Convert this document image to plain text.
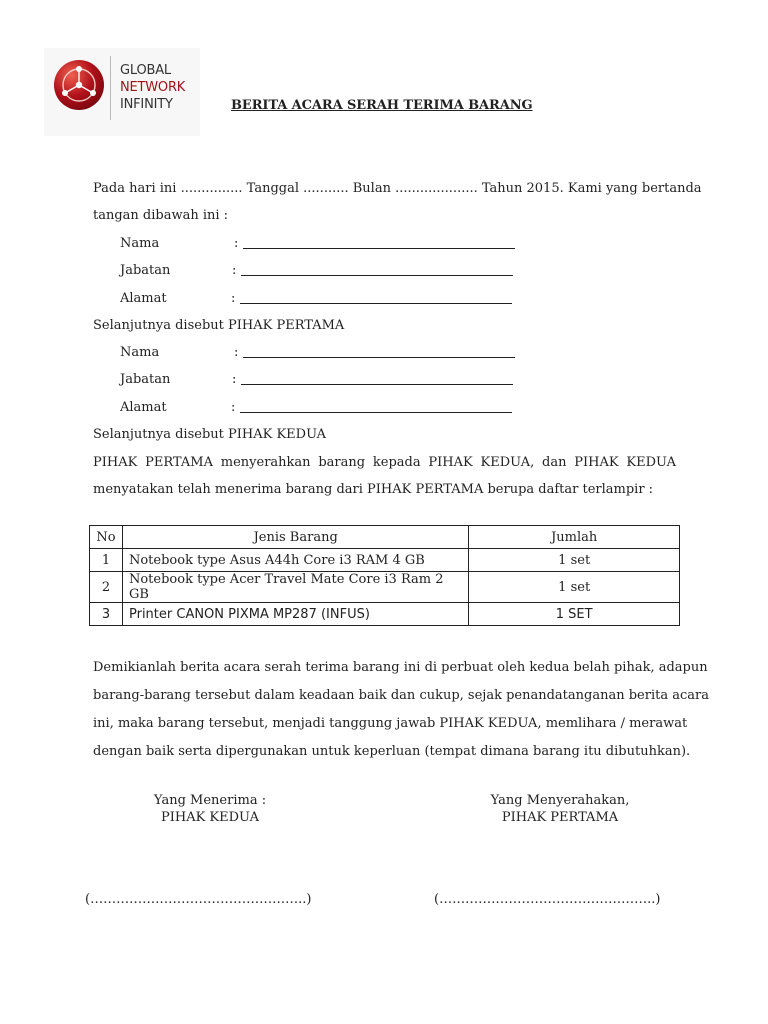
GLOBAL
NETWORK
INFINITY	BERITA ACARA SERAH TERIMA BARANG
Pada hari ini ............... Tanggal ........... Bulan .................... Tahun 2015. Kami yang bertanda
tangan dibawah ini :
Nama	:
Jabatan	:
Alamat	:
Selanjutnya disebut PIHAK PERTAMA
Nama	:
Jabatan	:
Alamat	:
Selanjutnya disebut PIHAK KEDUA
PIHAK PERTAMA menyerahkan barang kepada PIHAK KEDUA, dan PIHAK KEDUA
menyatakan telah menerima barang dari PIHAK PERTAMA berupa daftar terlampir :
No	Jenis Barang	Jumlah
1	Notebook type Asus A44h Core i3 RAM 4 GB	1 set
2	Notebook type Acer Travel Mate Core i3 Ram 2 GB	1 set
3	Printer CANON PIXMA MP287 (INFUS)	1 SET
Demikianlah berita acara serah terima barang ini di perbuat oleh kedua belah pihak, adapun
barang-barang tersebut dalam keadaan baik dan cukup, sejak penandatanganan berita acara
ini, maka barang tersebut, menjadi tanggung jawab PIHAK KEDUA, memlihara / merawat
dengan baik serta dipergunakan untuk keperluan (tempat dimana barang itu dibutuhkan).
Yang Menerima :
PIHAK KEDUA
Yang Menyerahakan,
PIHAK PERTAMA
(…………………………………………..)	(…………………………………………..)
